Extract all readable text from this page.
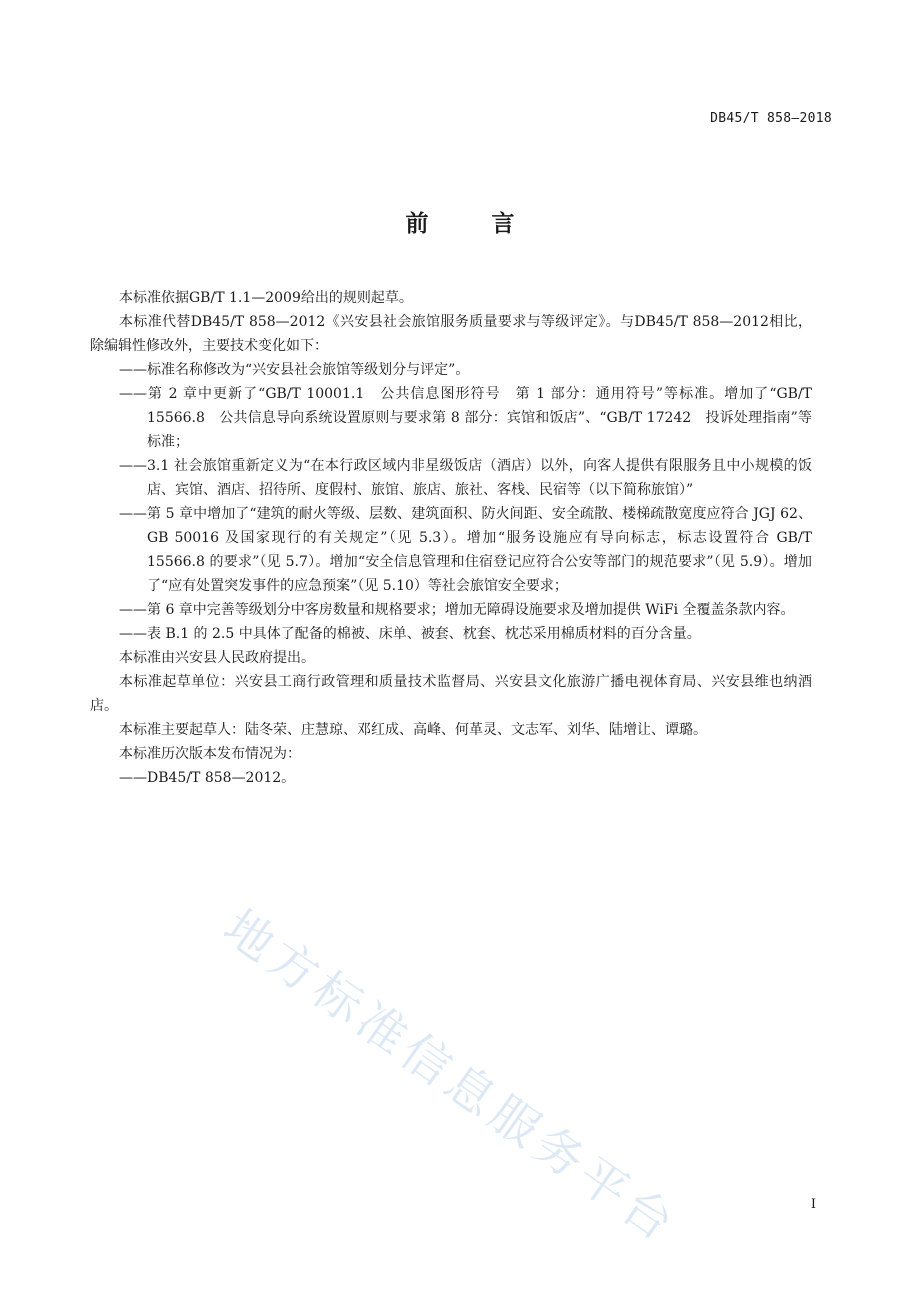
DB45/T 858—2018
前　言

本标准依据GB/T 1.1—2009给出的规则起草。

本标准代替DB45/T 858—2012《兴安县社会旅馆服务质量要求与等级评定》。与DB45/T 858—2012相比，除编辑性修改外，主要技术变化如下：

——标准名称修改为“兴安县社会旅馆等级划分与评定”。

——第 2 章中更新了“GB/T 10001.1　公共信息图形符号　第 1 部分：通用符号”等标准。增加了“GB/T 15566.8　公共信息导向系统设置原则与要求第 8 部分：宾馆和饭店”、“GB/T 17242　投诉处理指南”等标准；

——3.1 社会旅馆重新定义为“在本行政区域内非星级饭店（酒店）以外，向客人提供有限服务且中小规模的饭店、宾馆、酒店、招待所、度假村、旅馆、旅店、旅社、客栈、民宿等（以下简称旅馆）”

——第 5 章中增加了“建筑的耐火等级、层数、建筑面积、防火间距、安全疏散、楼梯疏散宽度应符合 JGJ 62、GB 50016 及国家现行的有关规定”（见 5.3）。增加“服务设施应有导向标志，标志设置符合 GB/T 15566.8 的要求”（见 5.7）。增加“安全信息管理和住宿登记应符合公安等部门的规范要求”（见 5.9）。增加了“应有处置突发事件的应急预案”（见 5.10）等社会旅馆安全要求；

——第 6 章中完善等级划分中客房数量和规格要求；增加无障碍设施要求及增加提供 WiFi 全覆盖条款内容。

——表 B.1 的 2.5 中具体了配备的棉被、床单、被套、枕套、枕芯采用棉质材料的百分含量。

本标准由兴安县人民政府提出。

本标准起草单位：兴安县工商行政管理和质量技术监督局、兴安县文化旅游广播电视体育局、兴安县维也纳酒店。

本标准主要起草人：陆冬荣、庄慧琼、邓红成、高峰、何革灵、文志军、刘华、陆增让、谭璐。

本标准历次版本发布情况为：

——DB45/T 858—2012。

地方标准信息服务平台	I
